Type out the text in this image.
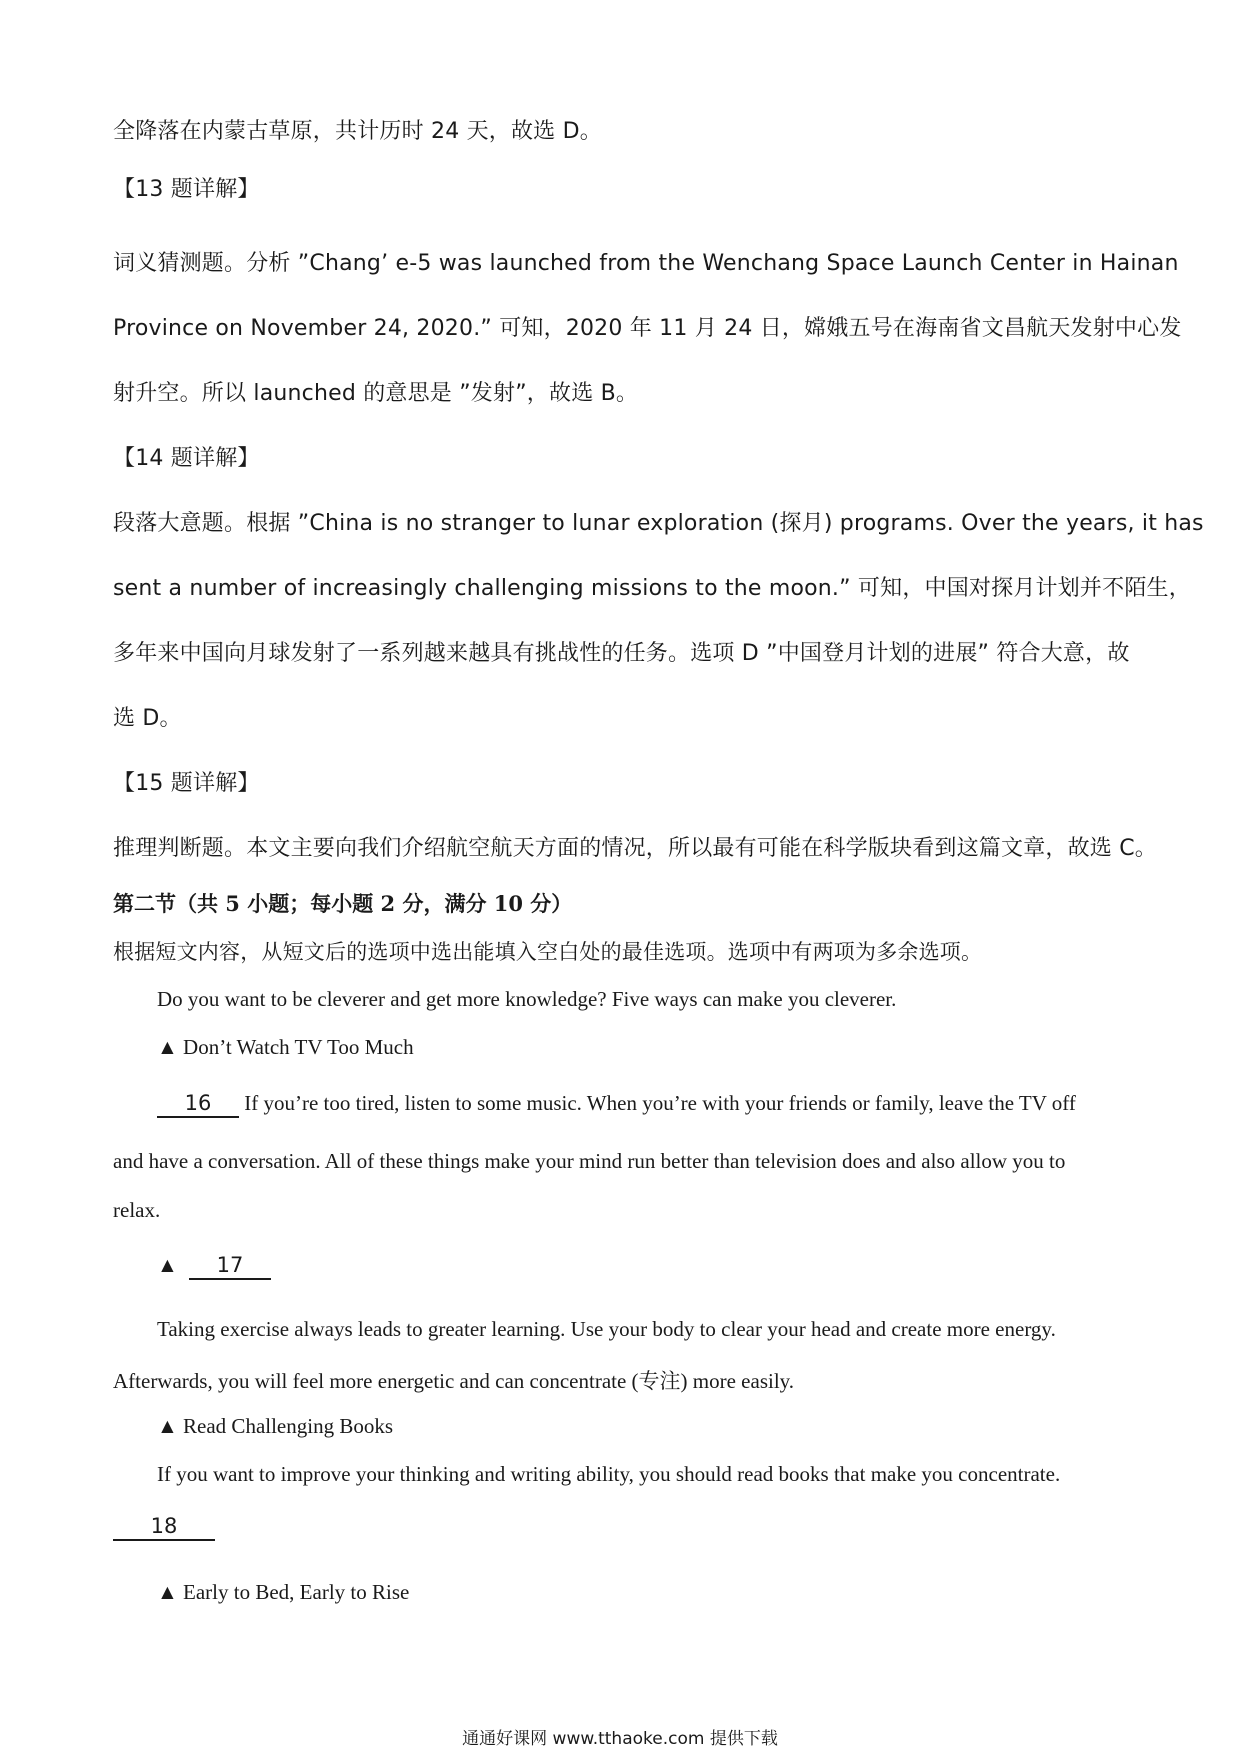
全降落在内蒙古草原，共计历时 24 天，故选 D。
【13 题详解】
词义猜测题。分析 ”Chang’ e-5 was launched from the Wenchang Space Launch Center in Hainan
Province on November 24, 2020.” 可知，2020 年 11 月 24 日，嫦娥五号在海南省文昌航天发射中心发
射升空。所以 launched 的意思是 ”发射”，故选 B。
【14 题详解】
段落大意题。根据 ”China is no stranger to lunar exploration (探月) programs. Over the years, it has
sent a number of increasingly challenging missions to the moon.” 可知，中国对探月计划并不陌生，
多年来中国向月球发射了一系列越来越具有挑战性的任务。选项 D ”中国登月计划的进展” 符合大意，故
选 D。
【15 题详解】
推理判断题。本文主要向我们介绍航空航天方面的情况，所以最有可能在科学版块看到这篇文章，故选 C。
第二节（共 5 小题；每小题 2 分，满分 10 分）
根据短文内容，从短文后的选项中选出能填入空白处的最佳选项。选项中有两项为多余选项。
Do you want to be cleverer and get more knowledge? Five ways can make you cleverer.
▲ Don’t Watch TV Too Much
16 If you’re too tired, listen to some music. When you’re with your friends or family, leave the TV off
and have a conversation. All of these things make your mind run better than television does and also allow you to
relax.
▲ 17
Taking exercise always leads to greater learning. Use your body to clear your head and create more energy.
Afterwards, you will feel more energetic and can concentrate (专注) more easily.
▲ Read Challenging Books
If you want to improve your thinking and writing ability, you should read books that make you concentrate.
18
▲ Early to Bed, Early to Rise
通通好课网 www.tthaoke.com 提供下载
